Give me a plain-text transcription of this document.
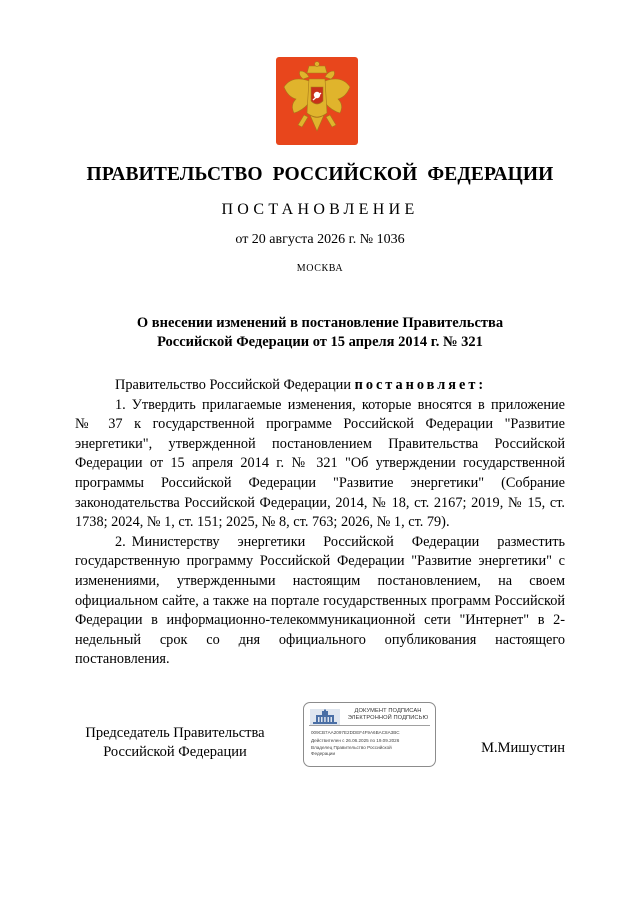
ПРАВИТЕЛЬСТВО РОССИЙСКОЙ ФЕДЕРАЦИИ
ПОСТАНОВЛЕНИЕ
от 20 августа 2026 г. № 1036
МОСКВА
О внесении изменений в постановление Правительства
Российской Федерации от 15 апреля 2014 г. № 321

Правительство Российской Федерации постановляет:

1. Утвердить прилагаемые изменения, которые вносятся в приложение № 37 к государственной программе Российской Федерации "Развитие энергетики", утвержденной постановлением Правительства Российской Федерации от 15 апреля 2014 г. № 321 "Об утверждении государственной программы Российской Федерации "Развитие энергетики" (Собрание законодательства Российской Федерации, 2014, № 18, ст. 2167; 2019, № 15, ст. 1738; 2024, № 1, ст. 151; 2025, № 8, ст. 763; 2026, № 1, ст. 79).

2. Министерству энергетики Российской Федерации разместить государственную программу Российской Федерации "Развитие энергетики" с изменениями, утвержденными настоящим постановлением, на своем официальном сайте, а также на портале государственных программ Российской Федерации в информационно-телекоммуникационной сети "Интернет" в 2-недельный срок со дня официального опубликования настоящего постановления.

Председатель Правительства
Российской Федерации
ДОКУМЕНТ ПОДПИСАН
ЭЛЕКТРОННОЙ ПОДПИСЬЮ
009CB7AA2097E2DDEF4F9A6BAC8A3BC
Действителен с 26.06.2025 по 19.09.2026
Владелец Правительство Российской
Федерации	М.Мишустин
